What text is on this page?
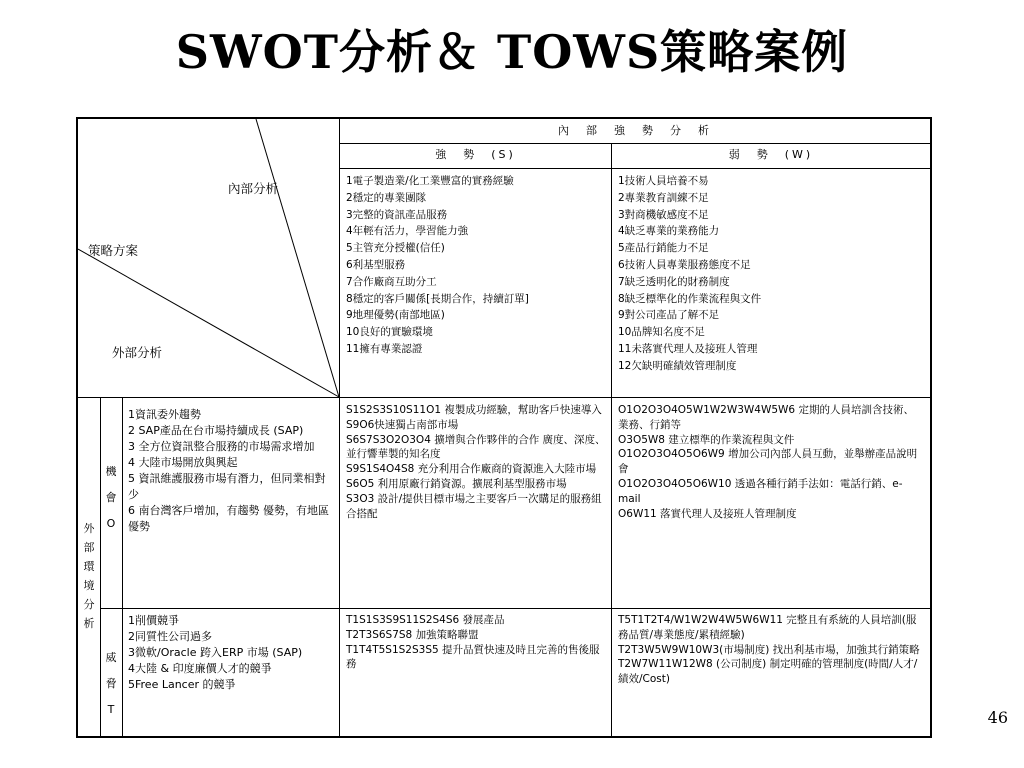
SWOT分析＆ TOWS策略案例
內部分析
策略方案
外部分析
內　部　強　勢　分　析
強　勢　(S)	弱　勢　(W)
1電子製造業/化工業豐富的實務經驗
2穩定的專業團隊
3完整的資訊產品服務
4年輕有活力，學習能力強
5主管充分授權(信任)
6利基型服務
7合作廠商互助分工
8穩定的客戶關係[長期合作，持續訂單]
9地理優勢(南部地區)
10良好的實驗環境
11擁有專業認證
1技術人員培養不易
2專業教育訓練不足
3對商機敏感度不足
4缺乏專業的業務能力
5產品行銷能力不足
6技術人員專業服務態度不足
7缺乏透明化的財務制度
8缺乏標準化的作業流程與文件
9對公司產品了解不足
10品牌知名度不足
11未落實代理人及接班人管理
12欠缺明確績效管理制度
外
部
環
境
分
析
機
會
O
威
脅
T
1資訊委外趨勢
2 SAP產品在台市場持續成長 (SAP)
3 全方位資訊整合服務的市場需求增加
4 大陸市場開放與興起
5 資訊維護服務市場有潛力，但同業相對少
6 南台灣客戶增加，有趨勢 優勢，有地區優勢
1削價競爭
2同質性公司過多
3微軟/Oracle 跨入ERP 市場 (SAP)
4大陸 & 印度廉價人才的競爭
5Free Lancer 的競爭
S1S2S3S10S11O1 複製成功經驗，幫助客戶快速導入
S9O6快速獨占南部市場
S6S7S3O2O3O4 擴增與合作夥伴的合作 廣度、深度、並行響華製的知名度
S9S1S4O4S8 充分利用合作廠商的資源進入大陸市場
S6O5 利用原廠行銷資源。擴展利基型服務市場
S3O3 設計/提供目標市場之主要客戶一次購足的服務組合搭配
O1O2O3O4O5W1W2W3W4W5W6 定期的人員培訓含技術、業務、行銷等
O3O5W8 建立標準的作業流程與文件
O1O2O3O4O5O6W9 增加公司內部人員互動，並舉辦產品說明會
O1O2O3O4O5O6W10 透過各種行銷手法如：電話行銷、e-mail
O6W11 落實代理人及接班人管理制度
T1S1S3S9S11S2S4S6 發展產品
T2T3S6S7S8 加強策略聯盟
T1T4T5S1S2S3S5 提升品質快速及時且完善的售後服務
T5T1T2T4/W1W2W4W5W6W11 完整且有系統的人員培訓(服務品質/專業態度/累積經驗)
T2T3W5W9W10W3(市場制度) 找出利基市場，加強其行銷策略
T2W7W11W12W8 (公司制度) 制定明確的管理制度(時間/人才/績效/Cost)
46
